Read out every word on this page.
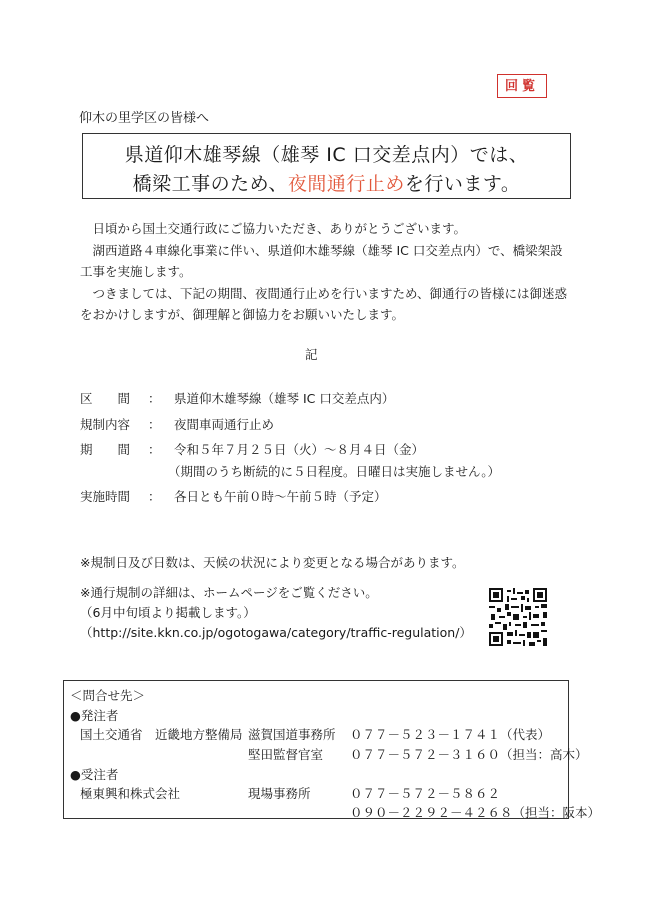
回覧
仰木の里学区の皆様へ
県道仰木雄琴線（雄琴 IC 口交差点内）では、
橋梁工事のため、夜間通行止めを行います。
　日頃から国土交通行政にご協力いただき、ありがとうございます。
　湖西道路４車線化事業に伴い、県道仰木雄琴線（雄琴 IC 口交差点内）で、橋梁架設工事を実施します。
　つきましては、下記の期間、夜間通行止めを行いますため、御通行の皆様には御迷惑をおかけしますが、御理解と御協力をお願いいたします。
記
区　　間 ： 県道仰木雄琴線（雄琴 IC 口交差点内）
規制内容 ： 夜間車両通行止め
期　　間 ： 令和５年７月２５日（火）～８月４日（金）
（期間のうち断続的に５日程度。日曜日は実施しません。）
実施時間 ： 各日とも午前０時～午前５時（予定）
※規制日及び日数は、天候の状況により変更となる場合があります。
※通行規制の詳細は、ホームページをご覧ください。
（6月中旬頃より掲載します。）
（http://site.kkn.co.jp/ogotogawa/category/traffic-regulation/）
＜問合せ先＞
●発注者
国土交通省　近畿地方整備局 滋賀国道事務所 ０７７－５２３－１７４１（代表）
堅田監督官室 ０７７－５７２－３１６０（担当：高木）
●受注者
極東興和株式会社	現場事務所	０７７－５７２－５８６２
０９０－２２９２－４２６８（担当：阪本）
